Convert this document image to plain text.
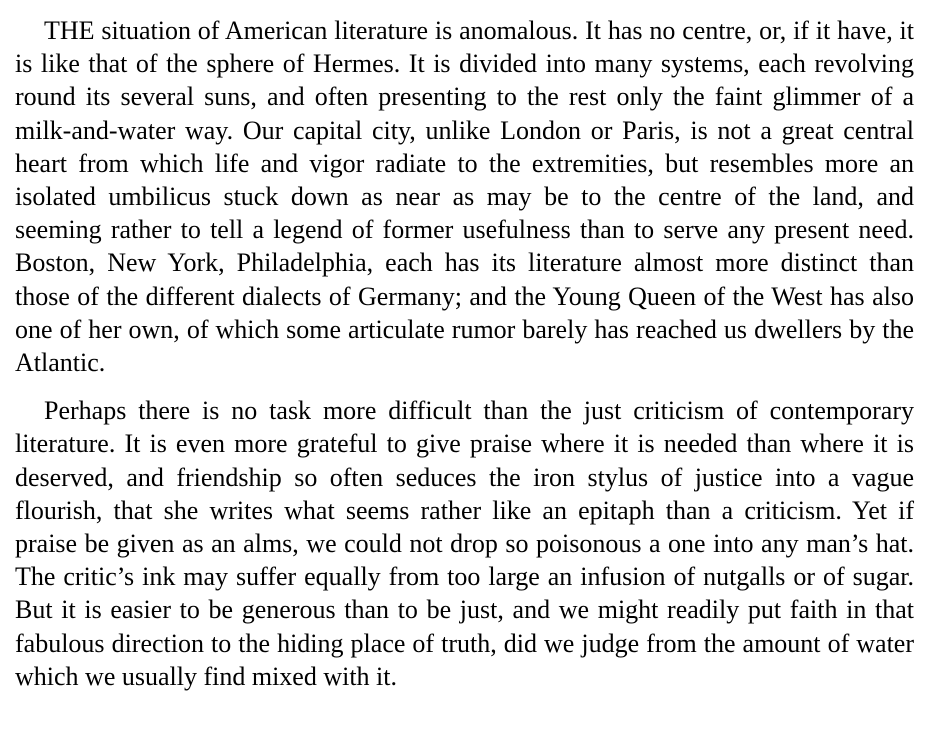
THE situation of American literature is anomalous. It has no centre, or, if it have, it is like that of the sphere of Hermes. It is divided into many systems, each revolving round its several suns, and often presenting to the rest only the faint glimmer of a milk-and-water way. Our capital city, unlike London or Paris, is not a great central heart from which life and vigor radiate to the extremities, but resembles more an isolated umbilicus stuck down as near as may be to the centre of the land, and seeming rather to tell a legend of former usefulness than to serve any present need. Boston, New York, Philadelphia, each has its literature almost more distinct than those of the different dialects of Germany; and the Young Queen of the West has also one of her own, of which some articulate rumor barely has reached us dwellers by the Atlantic.

Perhaps there is no task more difficult than the just criticism of contemporary literature. It is even more grateful to give praise where it is needed than where it is deserved, and friendship so often seduces the iron stylus of justice into a vague flourish, that she writes what seems rather like an epitaph than a criticism. Yet if praise be given as an alms, we could not drop so poisonous a one into any man’s hat. The critic’s ink may suffer equally from too large an infusion of nutgalls or of sugar. But it is easier to be generous than to be just, and we might readily put faith in that fabulous direction to the hiding place of truth, did we judge from the amount of water which we usually find mixed with it.
